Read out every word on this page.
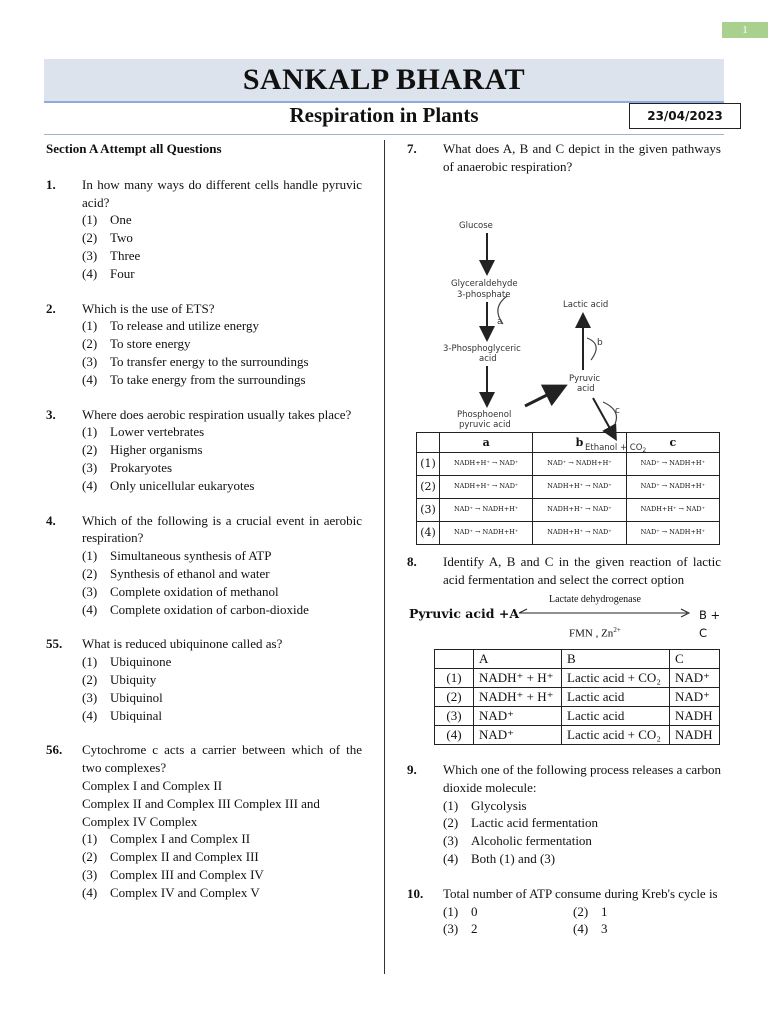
1
SANKALP BHARAT
Respiration in Plants	23/04/2023
Section A Attempt all Questions
1.	In how many ways do different cells handle pyruvic acid?
(1) One
(2) Two
(3) Three
(4) Four
2.	Which is the use of ETS?
(1) To release and utilize energy
(2) To store energy
(3) To transfer energy to the surroundings
(4) To take energy from the surroundings
3.	Where does aerobic respiration usually takes place?
(1) Lower vertebrates
(2) Higher organisms
(3) Prokaryotes
(4) Only unicellular eukaryotes
4.	Which of the following is a crucial event in aerobic respiration?
(1) Simultaneous synthesis of ATP
(2) Synthesis of ethanol and water
(3) Complete oxidation of methanol
(4) Complete oxidation of carbon-dioxide
55.	What is reduced ubiquinone called as?
(1) Ubiquinone
(2) Ubiquity
(3) Ubiquinol
(4) Ubiquinal
56.	Cytochrome c acts a carrier between which of the two complexes?
Complex I and Complex II
Complex II and Complex III Complex III and Complex IV Complex
(1) Complex I and Complex II
(2) Complex II and Complex III
(3) Complex III and Complex IV
(4) Complex IV and Complex V
7.	What does A, B and C depict in the given pathways of anaerobic respiration?
Glucose
Glyceraldehyde
3-phosphate
3-Phosphoglyceric
acid
Phosphoenol
pyruvic acid
Lactic acid
Pyruvic
acid
Ethanol + $CO_2$
a
b
c
	a	b	c
(1)	NADH+H⁺ → NAD⁺	NAD⁺ → NADH+H⁺	NAD⁺ → NADH+H⁺
(2)	NADH+H⁺ → NAD⁺	NADH+H⁺ → NAD⁺	NAD⁺ → NADH+H⁺
(3)	NAD⁺ → NADH+H⁺	NADH+H⁺ → NAD⁺	NADH+H⁺ → NAD⁺
(4)	NAD⁺ → NADH+H⁺	NADH+H⁺ → NAD⁺	NAD⁺ → NADH+H⁺
8.	Identify A, B and C in the given reaction of lactic acid fermentation and select the correct option
Pyruvic acid +A
Lactate dehydrogenase
FMN , $Zn^{2+}$
B + C
	A	B	C
(1)	NADH⁺ + H⁺	Lactic acid + CO₂	NAD⁺
(2)	NADH⁺ + H⁺	Lactic acid	NAD⁺
(3)	NAD⁺	Lactic acid	NADH
(4)	NAD⁺	Lactic acid + CO₂	NADH
9.	Which one of the following process releases a carbon dioxide molecule:
(1) Glycolysis
(2) Lactic acid fermentation
(3) Alcoholic fermentation
(4) Both (1) and (3)
10.	Total number of ATP consume during Kreb's cycle is
(1) 0	(2) 1
(3) 2	(4) 3
